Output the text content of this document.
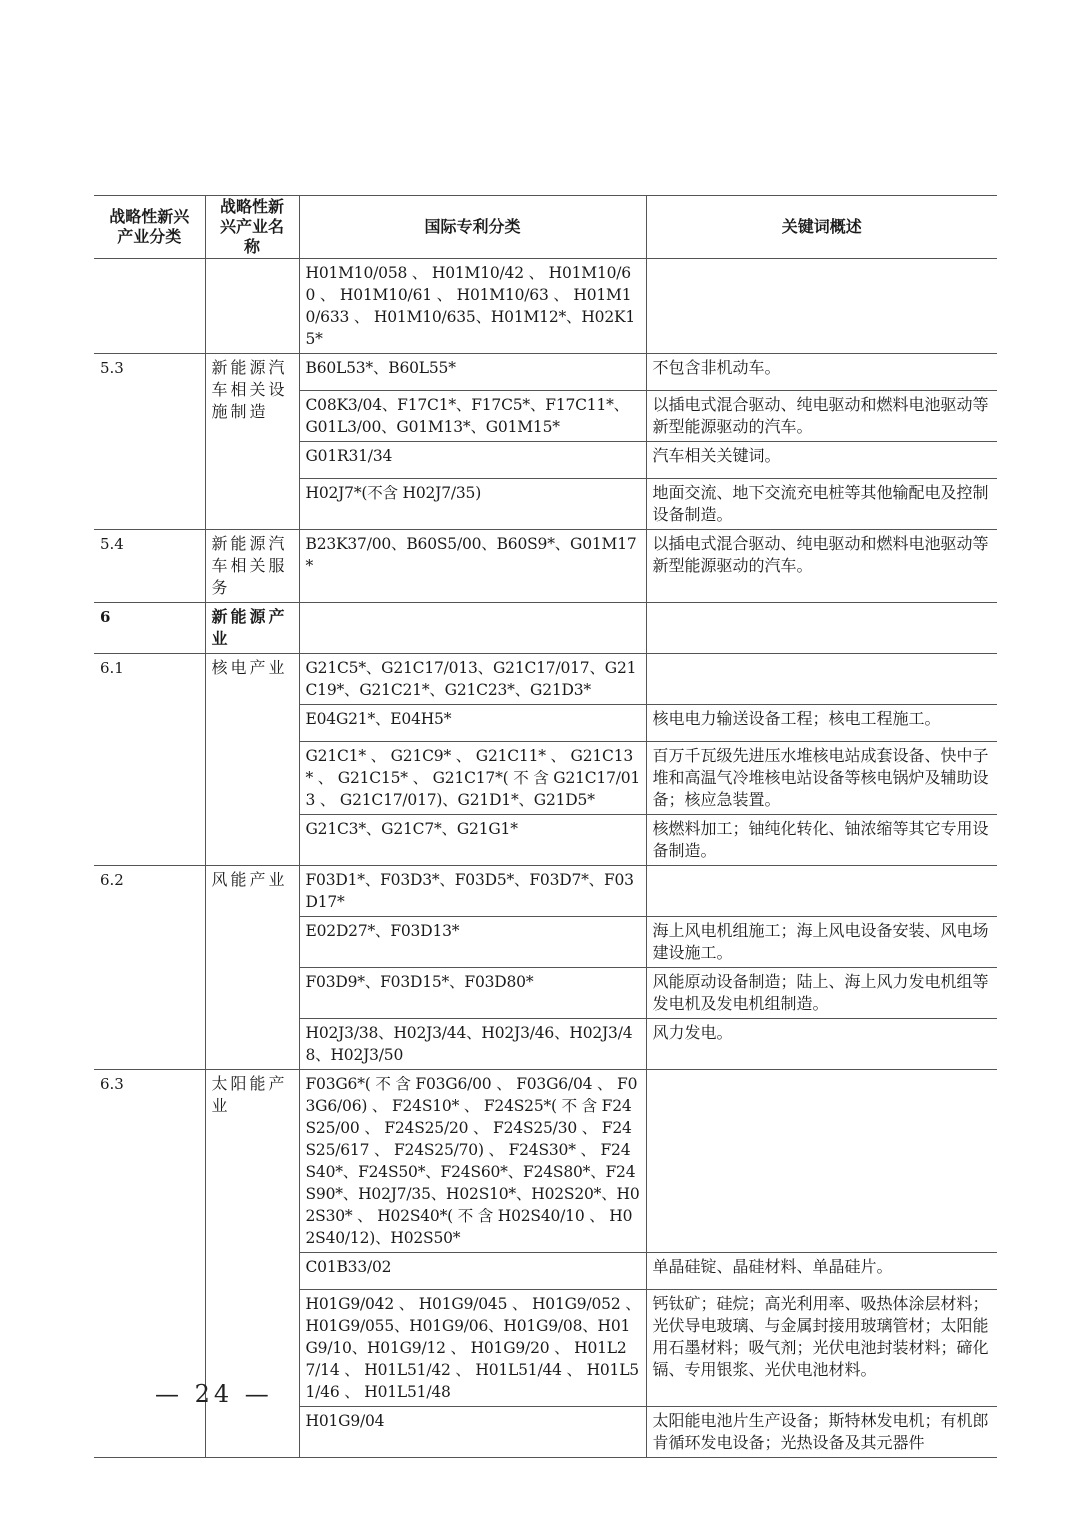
战略性新兴产业分类	战略性新兴产业名称	国际专利分类	关键词概述
		H01M10/058 、 H01M10/42 、 H01M10/60 、 H01M10/61 、 H01M10/63 、 H01M10/633 、 H01M10/635、H01M12*、H02K15*	
5.3	新能源汽车相关设施制造	B60L53*、B60L55*	不包含非机动车。
		C08K3/04、F17C1*、F17C5*、F17C11*、G01L3/00、G01M13*、G01M15*	以插电式混合驱动、纯电驱动和燃料电池驱动等新型能源驱动的汽车。
		G01R31/34	汽车相关关键词。
		H02J7*(不含 H02J7/35)	地面交流、地下交流充电桩等其他输配电及控制设备制造。
5.4	新能源汽车相关服务	B23K37/00、B60S5/00、B60S9*、G01M17*	以插电式混合驱动、纯电驱动和燃料电池驱动等新型能源驱动的汽车。
6	新能源产业		
6.1	核电产业	G21C5*、G21C17/013、G21C17/017、G21C19*、G21C21*、G21C23*、G21D3*	
		E04G21*、E04H5*	核电电力输送设备工程；核电工程施工。
		G21C1* 、 G21C9* 、 G21C11* 、 G21C13* 、 G21C15* 、 G21C17*( 不 含 G21C17/013 、 G21C17/017)、G21D1*、G21D5*	百万千瓦级先进压水堆核电站成套设备、快中子堆和高温气冷堆核电站设备等核电锅炉及辅助设备；核应急装置。
		G21C3*、G21C7*、G21G1*	核燃料加工；铀纯化转化、铀浓缩等其它专用设备制造。
6.2	风能产业	F03D1*、F03D3*、F03D5*、F03D7*、F03D17*	
		E02D27*、F03D13*	海上风电机组施工；海上风电设备安装、风电场建设施工。
		F03D9*、F03D15*、F03D80*	风能原动设备制造；陆上、海上风力发电机组等发电机及发电机组制造。
		H02J3/38、H02J3/44、H02J3/46、H02J3/48、H02J3/50	风力发电。
6.3	太阳能产业	F03G6*( 不 含 F03G6/00 、 F03G6/04 、 F03G6/06) 、 F24S10* 、 F24S25*( 不 含 F24S25/00 、 F24S25/20 、 F24S25/30 、 F24S25/617 、 F24S25/70) 、 F24S30* 、 F24S40*、F24S50*、F24S60*、F24S80*、F24S90*、H02J7/35、H02S10*、H02S20*、H02S30* 、 H02S40*( 不 含 H02S40/10 、 H02S40/12)、H02S50*	
		C01B33/02	单晶硅锭、晶硅材料、单晶硅片。
		H01G9/042 、 H01G9/045 、 H01G9/052 、 H01G9/055、H01G9/06、H01G9/08、H01G9/10、H01G9/12 、 H01G9/20 、 H01L27/14 、 H01L51/42 、 H01L51/44 、 H01L51/46 、 H01L51/48	钙钛矿；硅烷；高光利用率、吸热体涂层材料；光伏导电玻璃、与金属封接用玻璃管材；太阳能用石墨材料；吸气剂；光伏电池封装材料；碲化镉、专用银浆、光伏电池材料。
		H01G9/04	太阳能电池片生产设备；斯特林发电机；有机郎肯循环发电设备；光热设备及其元器件
— 24 —
